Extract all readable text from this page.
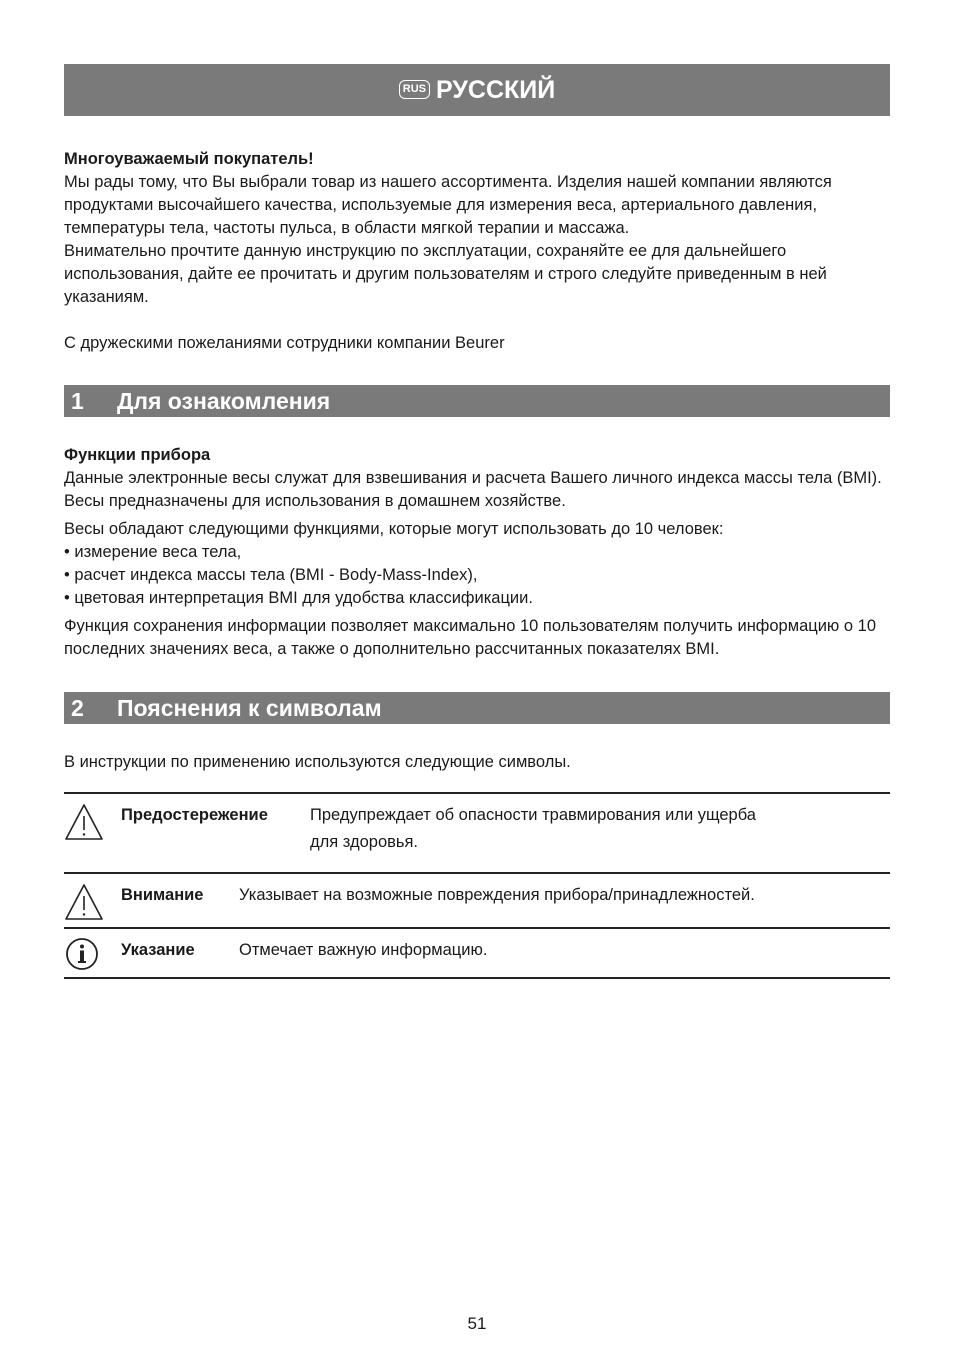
RUS РУССКИЙ

Многоуважаемый покупатель!

Мы рады тому, что Вы выбрали товар из нашего ассортимента. Изделия нашей компании являются продуктами высочайшего качества, используемые для измерения веса, артериального давления, температуры тела, частоты пульса, в области мягкой терапии и массажа.

Внимательно прочтите данную инструкцию по эксплуатации, сохраняйте ее для дальнейшего использования, дайте ее прочитать и другим пользователям и строго следуйте приведенным в ней указаниям.

С дружескими пожеланиями сотрудники компании Beurer

1	Для ознакомления

Функции прибора

Данные электронные весы служат для взвешивания и расчета Вашего личного индекса массы тела (BMI). Весы предназначены для использования в домашнем хозяйстве.

Весы обладают следующими функциями, которые могут использовать до 10 человек:

• измерение веса тела,

• расчет индекса массы тела (BMI - Body-Mass-Index),

• цветовая интерпретация BMI для удобства классификации.

Функция сохранения информации позволяет максимально 10 пользователям получить информацию о 10 последних значениях веса, а также о дополнительно рассчитанных показателях BMI.

2	Пояснения к символам
В инструкции по применению используются следующие символы.
Предостережение	Предупреждает об опасности травмирования или ущерба
для здоровья.
Внимание	Указывает на возможные повреждения прибора/принадлежностей.
Указание	Отмечает важную информацию.
51
